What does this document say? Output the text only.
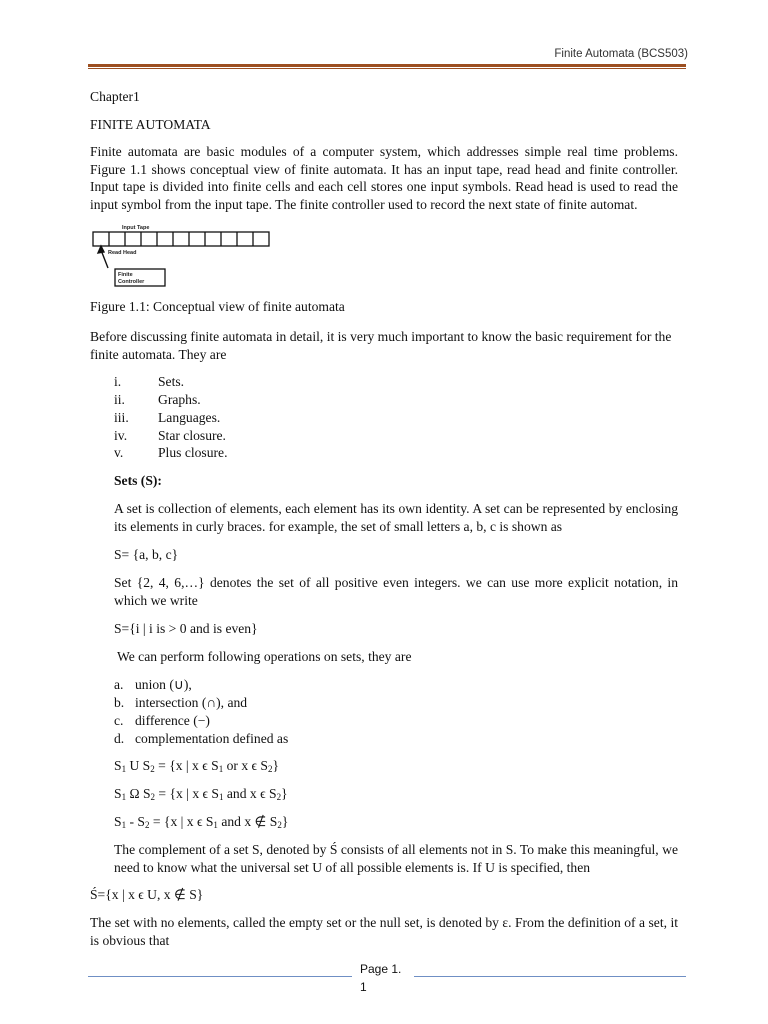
Finite Automata (BCS503)
Chapter1
FINITE AUTOMATA

Finite automata are basic modules of a computer system, which addresses simple real time problems. Figure 1.1 shows conceptual view of finite automata. It has an input tape, read head and finite controller. Input tape is divided into finite cells and each cell stores one input symbols. Read head is used to read the input symbol from the input tape. The finite controller used to record the next state of finite automat.

Input Tape
Read Head
Finite
Controller
Figure 1.1: Conceptual view of finite automata

Before discussing finite automata in detail, it is very much important to know the basic requirement for the finite automata. They are

i.	Sets.
ii. Graphs.
iii. Languages.
iv. Star closure.
v.	Plus closure.
Sets (S):

A set is collection of elements, each element has its own identity. A set can be represented by enclosing its elements in curly braces. for example, the set of small letters a, b, c is shown as

S= {a, b, c}

Set {2, 4, 6,…} denotes the set of all positive even integers. we can use more explicit notation, in which we write

S={i | i is > 0 and is even}
We can perform following operations on sets, they are
a. union (∪),
b. intersection (∩), and
c. difference (−)
d. complementation defined as
$S_1$ U $S_2 = \{x$ | x ϵ $S_1$ or x ϵ $S_2$}
$S_1$ Ω $S_2 = \{x$ | x ϵ $S_1$ and x ϵ $S_2$}
$S_1 - S_2 = \{x$ | x ϵ $S_1$ and x ∉ $S_2$}

The complement of a set S, denoted by Ś consists of all elements not in S. To make this meaningful, we need to know what the universal set U of all possible elements is. If U is specified, then

Ś={x | x ϵ U, x ∉ S}

The set with no elements, called the empty set or the null set, is denoted by ε. From the definition of a set, it is obvious that

Page 1.
1
